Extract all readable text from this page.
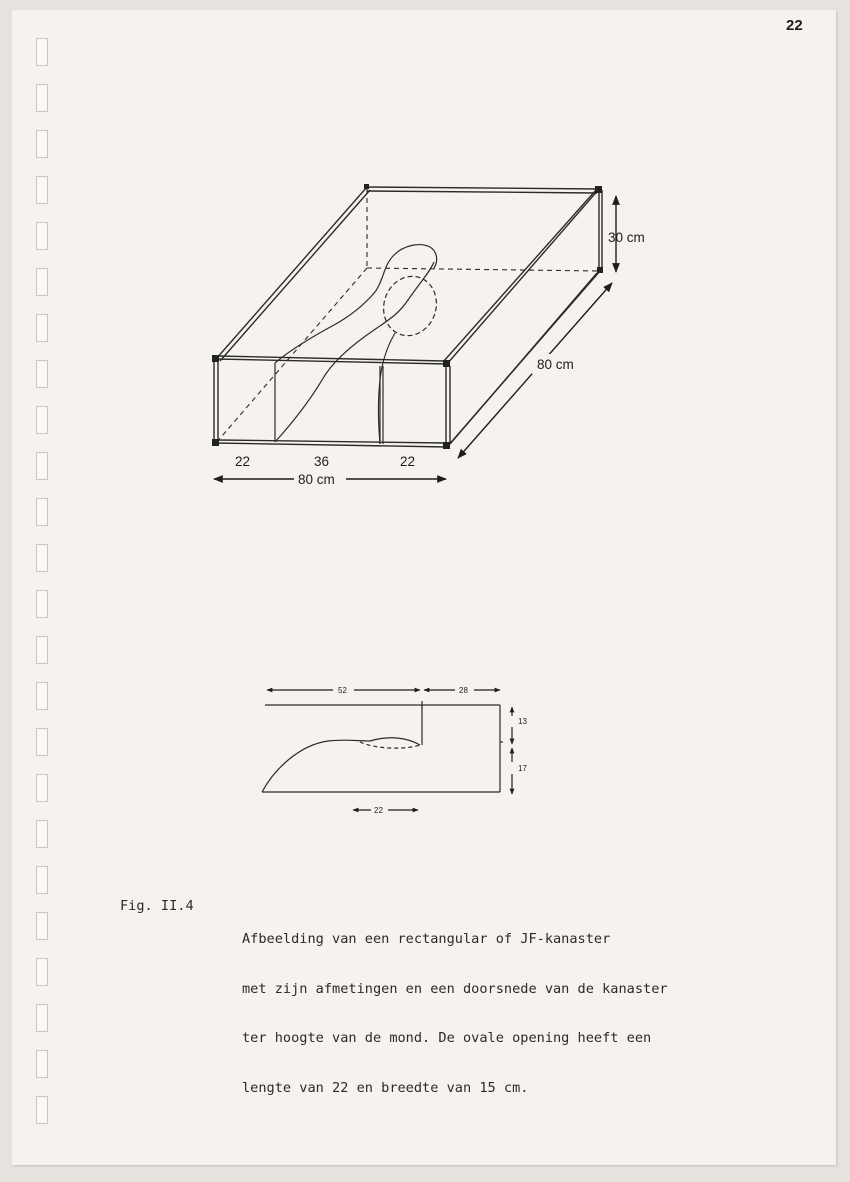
22
30 cm
80 cm
80 cm
22	36	22
52	28
13
17
22

Fig. II.4

Afbeelding van een rectangular of JF-kanaster

met zijn afmetingen en een doorsnede van de kanaster

ter hoogte van de mond. De ovale opening heeft een

lengte van 22 en breedte van 15 cm.
